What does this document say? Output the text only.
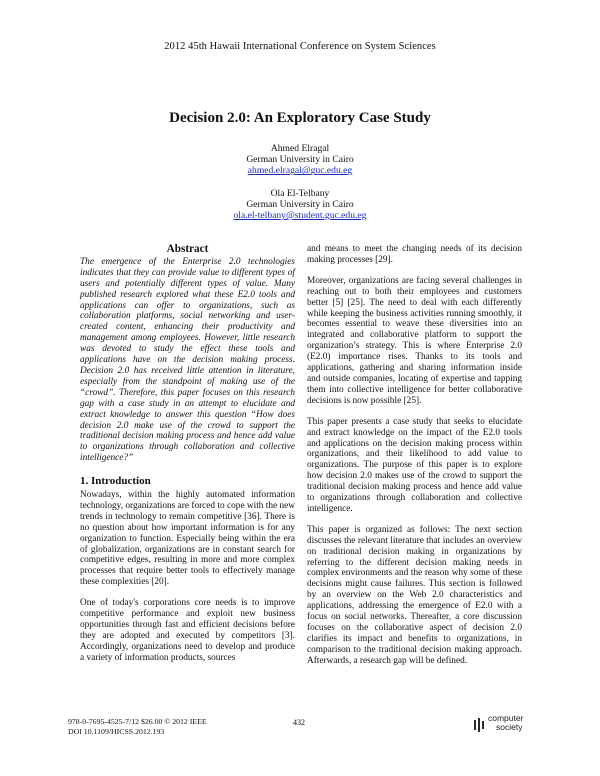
2012 45th Hawaii International Conference on System Sciences
Decision 2.0: An Exploratory Case Study
Ahmed Elragal
German University in Cairo
ahmed.elragal@guc.edu.eg
Ola El-Telbany
German University in Cairo
ola.el-telbany@student.guc.edu.eg
Abstract

The emergence of the Enterprise 2.0 technologies indicates that they can provide value to different types of users and potentially different types of value. Many published research explored what these E2.0 tools and applications can offer to organizations, such as collaboration platforms, social networking and user-created content, enhancing their productivity and management among employees. However, little research was devoted to study the effect these tools and applications have on the decision making process. Decision 2.0 has received little attention in literature, especially from the standpoint of making use of the “crowd”. Therefore, this paper focuses on this research gap with a case study in an attempt to elucidate and extract knowledge to answer this question “How does decision 2.0 make use of the crowd to support the traditional decision making process and hence add value to organizations through collaboration and collective intelligence?”

1. Introduction

Nowadays, within the highly automated information technology, organizations are forced to cope with the new trends in technology to remain competitive [36]. There is no question about how important information is for any organization to function. Especially being within the era of globalization, organizations are in constant search for competitive edges, resulting in more and more complex processes that require better tools to effectively manage these complexities [20].

One of today's corporations core needs is to improve competitive performance and exploit new business opportunities through fast and efficient decisions before they are adopted and executed by competitors [3]. Accordingly, organizations need to develop and produce a variety of information products, sources

and means to meet the changing needs of its decision making processes [29].

Moreover, organizations are facing several challenges in reaching out to both their employees and customers better [5] [25]. The need to deal with each differently while keeping the business activities running smoothly, it becomes essential to weave these diversities into an integrated and collaborative platform to support the organization’s strategy. This is where Enterprise 2.0 (E2.0) importance rises. Thanks to its tools and applications, gathering and sharing information inside and outside companies, locating of expertise and tapping them into collective intelligence for better collaborative decisions is now possible [25].

This paper presents a case study that seeks to elucidate and extract knowledge on the impact of the E2.0 tools and applications on the decision making process within organizations, and their likelihood to add value to organizations. The purpose of this paper is to explore how decision 2.0 makes use of the crowd to support the traditional decision making process and hence add value to organizations through collaboration and collective intelligence.

This paper is organized as follows: The next section discusses the relevant literature that includes an overview on traditional decision making in organizations by referring to the different decision making needs in complex environments and the reason why some of these decisions might cause failures. This section is followed by an overview on the Web 2.0 characteristics and applications, addressing the emergence of E2.0 with a focus on social networks. Thereafter, a core discussion focuses on the collaborative aspect of decision 2.0 clarifies its impact and benefits to organizations, in comparison to the traditional decision making approach. Afterwards, a research gap will be defined.

978-0-7695-4525-7/12 $26.00 © 2012 IEEE
DOI 10.1109/HICSS.2012.193
432	computer
society
